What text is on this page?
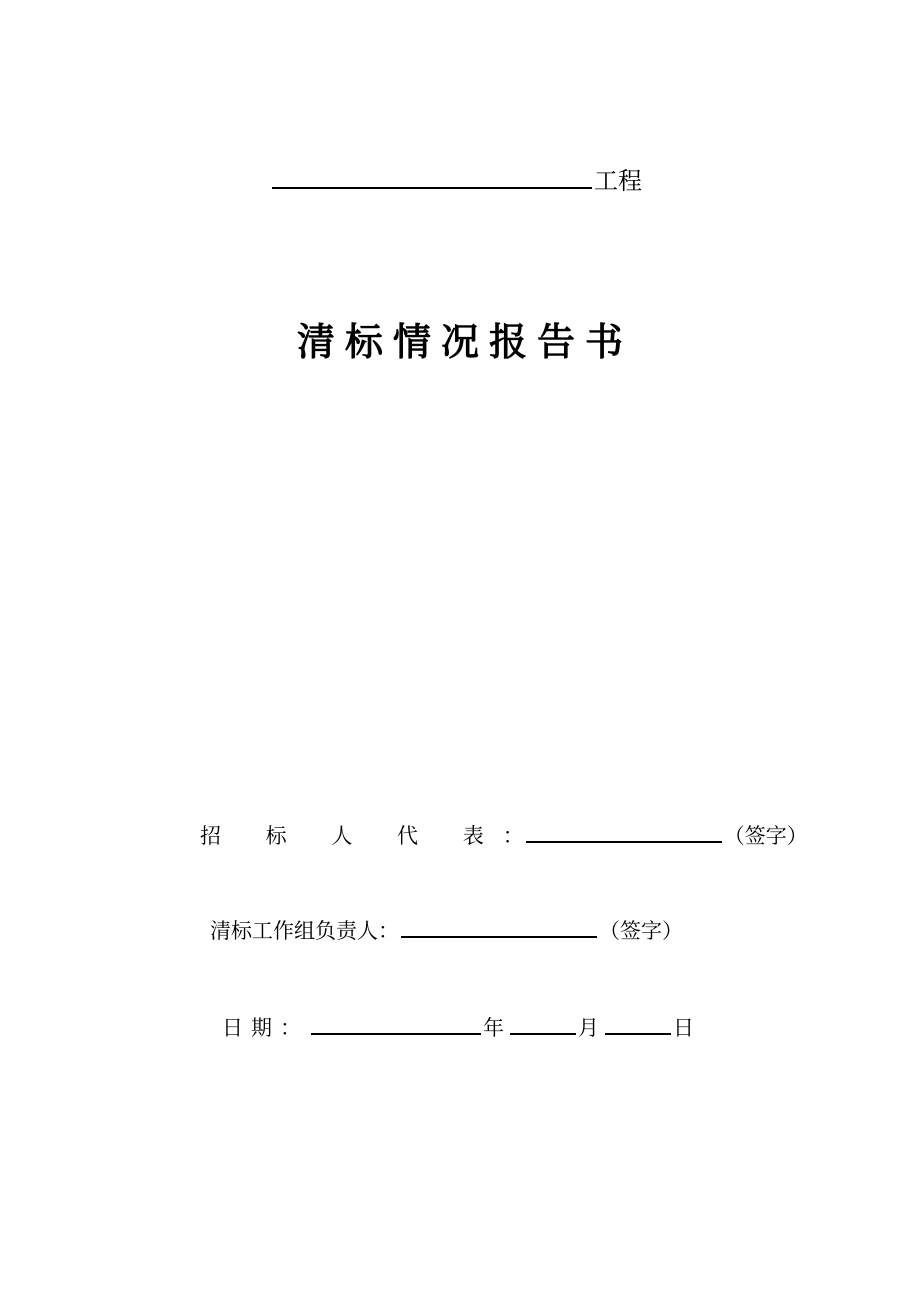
工程
清标情况报告书
招 标 人 代 表：	（签字）
清标工作组负责人：	（签字）
日期：	年	月	日
